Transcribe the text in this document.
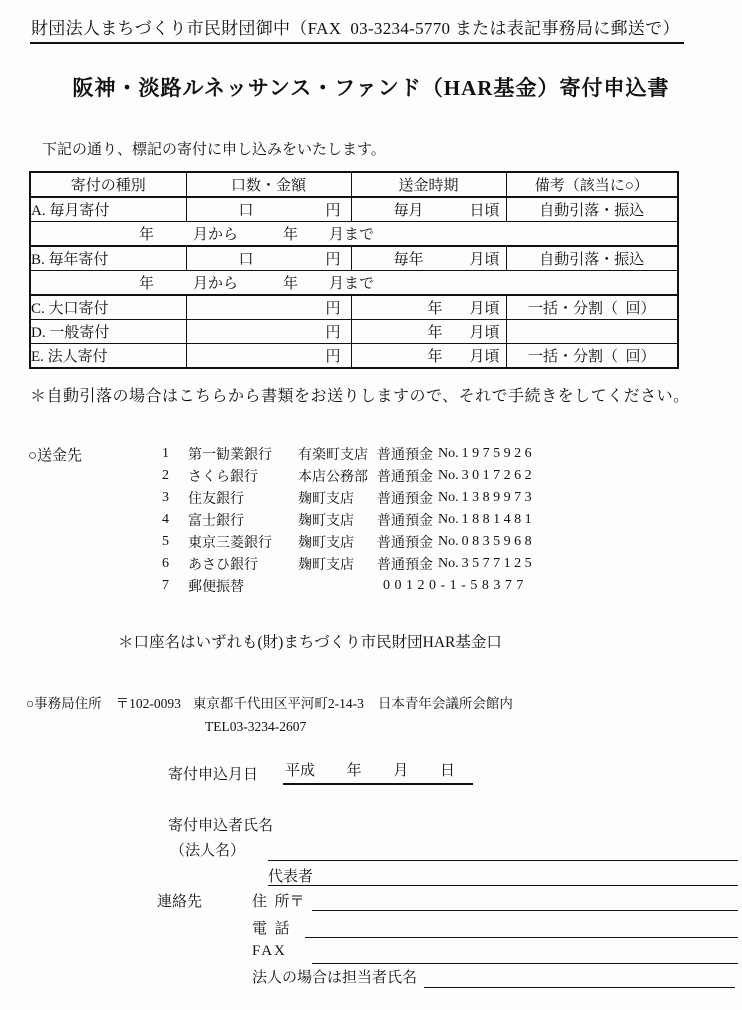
財団法人まちづくり市民財団御中（FAX  03-3234-5770 または表記事務局に郵送で）
阪神・淡路ルネッサンス・ファンド（HAR基金）寄付申込書

下記の通り、標記の寄付に申し込みをいたします。

寄付の種別	口数・金額	送金時期	備考（該当に○）
A. 毎月寄付	口 円	毎月 日頃	自動引落・振込

年 月から 年 月まで			

B. 毎年寄付	口 円	毎年 月頃	自動引落・振込

年 月から 年 月まで			

C. 大口寄付	円	年 月頃	一括・分割（  回）
D. 一般寄付	円	年 月頃	

E. 法人寄付	円	年 月頃	一括・分割（  回）

＊自動引落の場合はこちらから書類をお送りしますので、それで手続きをしてください。

○送金先	1	第一勧業銀行	有楽町支店 普通預金 No. 1975926
2	さくら銀行	本店公務部 普通預金 No. 3017262
3	住友銀行	麹町支店	普通預金 No. 1389973
4	富士銀行	麹町支店	普通預金 No. 1881481
5	東京三菱銀行	麹町支店	普通預金 No. 0835968
6	あさひ銀行	麹町支店	普通預金 No. 3577125
7	郵便振替	00120-1-58377

＊口座名はいずれも(財)まちづくり市民財団HAR基金口

○事務局住所 〒102-0093 東京都千代田区平河町2-14-3 日本青年会議所会館内
TEL03-3234-2607
寄付申込月日 平成 年 月 日
寄付申込者氏名
（法人名）
代表者
連絡先	住  所〒
電  話
FAX
法人の場合は担当者氏名
